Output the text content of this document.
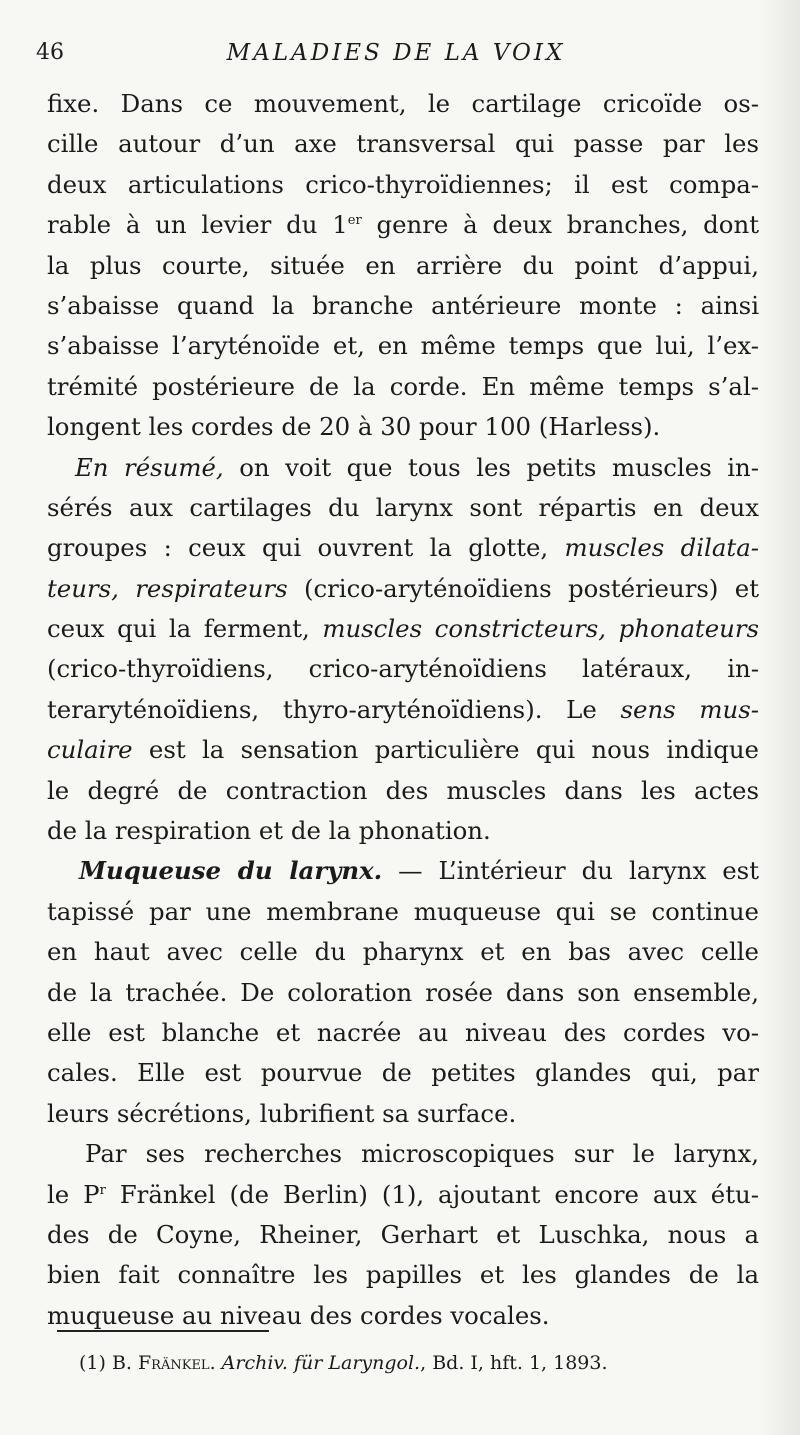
46	MALADIES DE LA VOIX

fixe. Dans ce mouvement, le cartilage cricoïde os-
cille autour d’un axe transversal qui passe par les
deux articulations crico-thyroïdiennes; il est compa-
rable à un levier du 1er genre à deux branches, dont
la plus courte, située en arrière du point d’appui,
s’abaisse quand la branche antérieure monte : ainsi
s’abaisse l’aryténoïde et, en même temps que lui, l’ex-
trémité postérieure de la corde. En même temps s’al-
longent les cordes de 20 à 30 pour 100 (Harless).

En résumé, on voit que tous les petits muscles in-
sérés aux cartilages du larynx sont répartis en deux
groupes : ceux qui ouvrent la glotte, muscles dilata-
teurs, respirateurs (crico-aryténoïdiens postérieurs) et
ceux qui la ferment, muscles constricteurs, phonateurs
(crico-thyroïdiens, crico-aryténoïdiens latéraux, in-
teraryténoïdiens, thyro-aryténoïdiens). Le sens mus-
culaire est la sensation particulière qui nous indique
le degré de contraction des muscles dans les actes
de la respiration et de la phonation.

Muqueuse du larynx. — L’intérieur du larynx est
tapissé par une membrane muqueuse qui se continue
en haut avec celle du pharynx et en bas avec celle
de la trachée. De coloration rosée dans son ensemble,
elle est blanche et nacrée au niveau des cordes vo-
cales. Elle est pourvue de petites glandes qui, par
leurs sécrétions, lubrifient sa surface.

Par ses recherches microscopiques sur le larynx,
le $P^r$ Fränkel (de Berlin) (1), ajoutant encore aux étu-
des de Coyne, Rheiner, Gerhart et Luschka, nous a
bien fait connaître les papilles et les glandes de la
muqueuse au niveau des cordes vocales.

(1) B. Fränkel. Archiv. für Laryngol., Bd. I, hft. 1, 1893.
